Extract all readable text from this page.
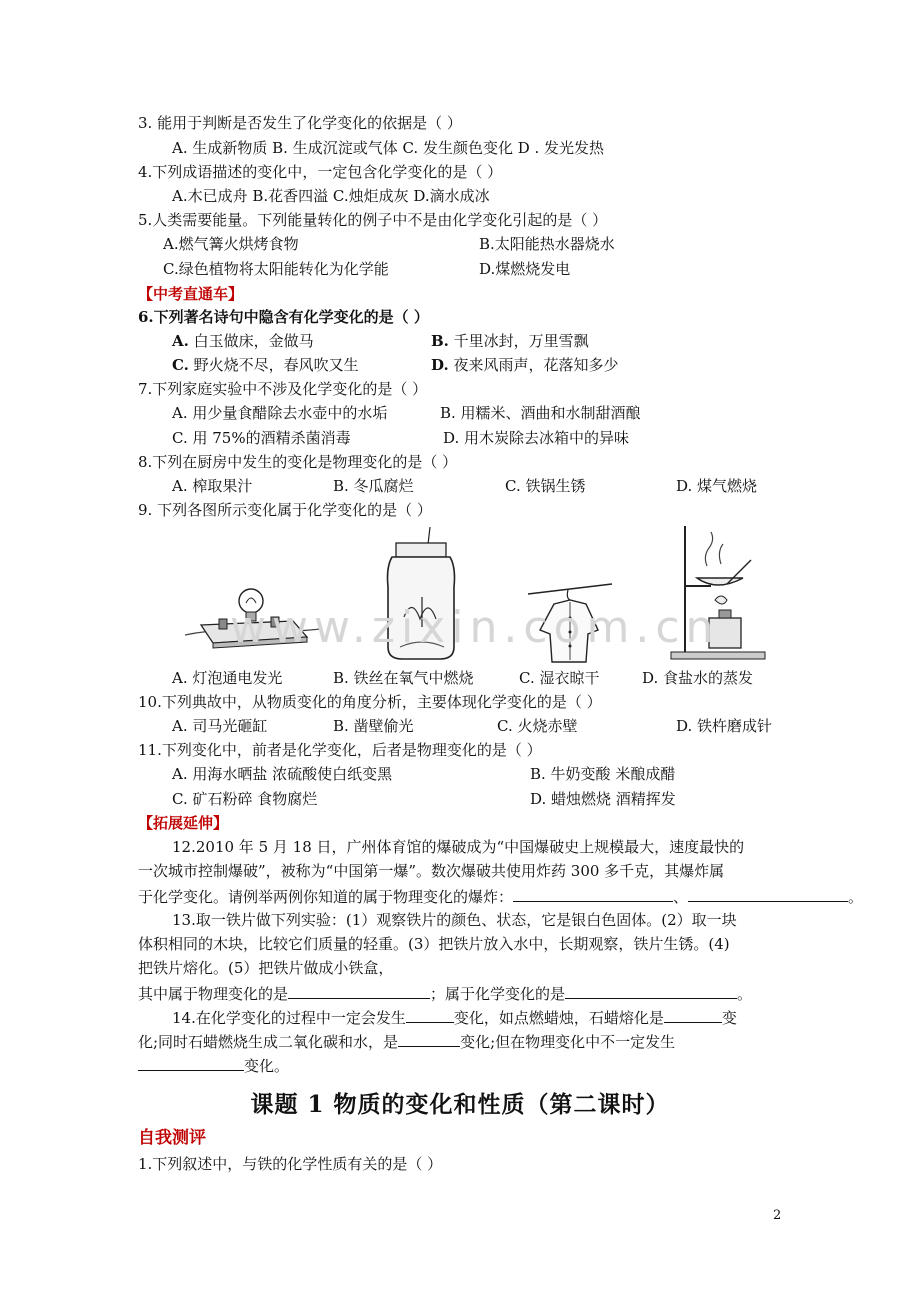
3. 能用于判断是否发生了化学变化的依据是（ ）
A. 生成新物质 B. 生成沉淀或气体 C. 发生颜色变化 D . 发光发热
4.下列成语描述的变化中，一定包含化学变化的是（ ）
A.木已成舟 B.花香四溢 C.烛炬成灰 D.滴水成冰
5.人类需要能量。下列能量转化的例子中不是由化学变化引起的是（ ）
A.燃气篝火烘烤食物	B.太阳能热水器烧水
C.绿色植物将太阳能转化为化学能	D.煤燃烧发电
【中考直通车】
6.下列著名诗句中隐含有化学变化的是（ ）
A. 白玉做床，金做马	B. 千里冰封，万里雪飘
C. 野火烧不尽，春风吹又生	D. 夜来风雨声，花落知多少
7.下列家庭实验中不涉及化学变化的是（ ）
A. 用少量食醋除去水壶中的水垢	B. 用糯米、酒曲和水制甜酒酿
C. 用 75%的酒精杀菌消毒	D. 用木炭除去冰箱中的异味
8.下列在厨房中发生的变化是物理变化的是（ ）
A. 榨取果汁	B. 冬瓜腐烂	C. 铁锅生锈	D. 煤气燃烧
9. 下列各图所示变化属于化学变化的是（ ）
www.zixin.com.cn
A. 灯泡通电发光	B. 铁丝在氧气中燃烧	C. 湿衣晾干	D. 食盐水的蒸发
10.下列典故中，从物质变化的角度分析，主要体现化学变化的是（ ）
A. 司马光砸缸	B. 凿壁偷光	C. 火烧赤壁	D. 铁杵磨成针
11.下列变化中，前者是化学变化，后者是物理变化的是（ ）
A. 用海水晒盐 浓硫酸使白纸变黑	B. 牛奶变酸 米酿成醋
C. 矿石粉碎 食物腐烂	D. 蜡烛燃烧 酒精挥发
【拓展延伸】
12.2010 年 5 月 18 日，广州体育馆的爆破成为“中国爆破史上规模最大，速度最快的
一次城市控制爆破”，被称为“中国第一爆”。数次爆破共使用炸药 300 多千克，其爆炸属
于化学变化。请例举两例你知道的属于物理变化的爆炸：	、	。
13.取一铁片做下列实验：(1）观察铁片的颜色、状态，它是银白色固体。(2）取一块
体积相同的木块，比较它们质量的轻重。(3）把铁片放入水中，长期观察，铁片生锈。(4)
把铁片熔化。(5）把铁片做成小铁盒，
其中属于物理变化的是	；属于化学变化的是	。
14.在化学变化的过程中一定会发生	变化，如点燃蜡烛，石蜡熔化是	变
化;同时石蜡燃烧生成二氧化碳和水，是	变化;但在物理变化中不一定发生
变化。
课题 1 物质的变化和性质（第二课时）
自我测评
1.下列叙述中，与铁的化学性质有关的是（ ）
2
